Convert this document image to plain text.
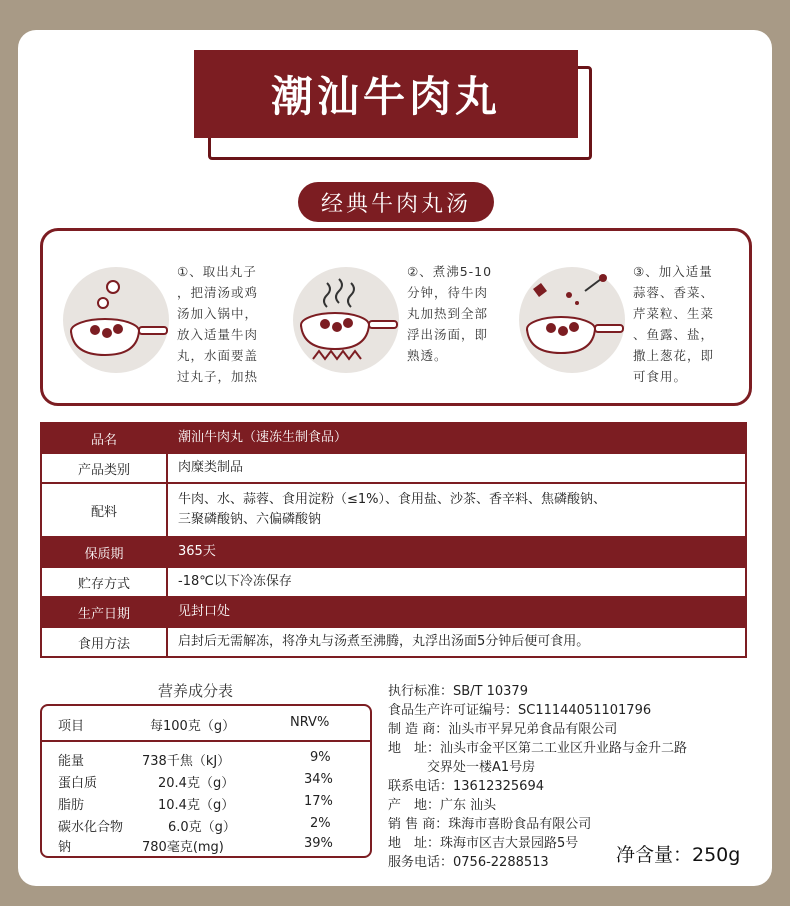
潮汕牛肉丸
经典牛肉丸汤
①、取出丸子
，把清汤或鸡
汤加入锅中，
放入适量牛肉
丸，水面要盖
过丸子，加热
②、煮沸5-10
分钟，待牛肉
丸加热到全部
浮出汤面，即
熟透。
③、加入适量
蒜蓉、香菜、
芹菜粒、生菜
、鱼露、盐，
撒上葱花，即
可食用。
品名	潮汕牛肉丸（速冻生制食品）
产品类别	肉糜类制品
配料	牛肉、水、蒜蓉、食用淀粉（≤1%）、食用盐、沙茶、香辛料、焦磷酸钠、
三聚磷酸钠、六偏磷酸钠

保质期	365天
贮存方式	-18℃以下冷冻保存
生产日期	见封口处
食用方法	启封后无需解冻，将净丸与汤煮至沸腾，丸浮出汤面5分钟后便可食用。
营养成分表
项目	每100克（g）	NRV%
能量	738千焦（kJ）	9%
蛋白质	20.4克（g）	34%
脂肪	10.4克（g）	17%
碳水化合物	6.0克（g）	2%
钠	780毫克(mg)	39%
执行标准：SB/T 10379
食品生产许可证编号：SC11144051101796
制 造 商：汕头市平昇兄弟食品有限公司
地　址：汕头市金平区第二工业区升业路与金升二路
　　　交界处一楼A1号房
联系电话：13612325694
产　地：广东 汕头
销 售 商：珠海市喜盼食品有限公司
地　址：珠海市区吉大景园路5号
服务电话：0756-2288513	净含量：250g
